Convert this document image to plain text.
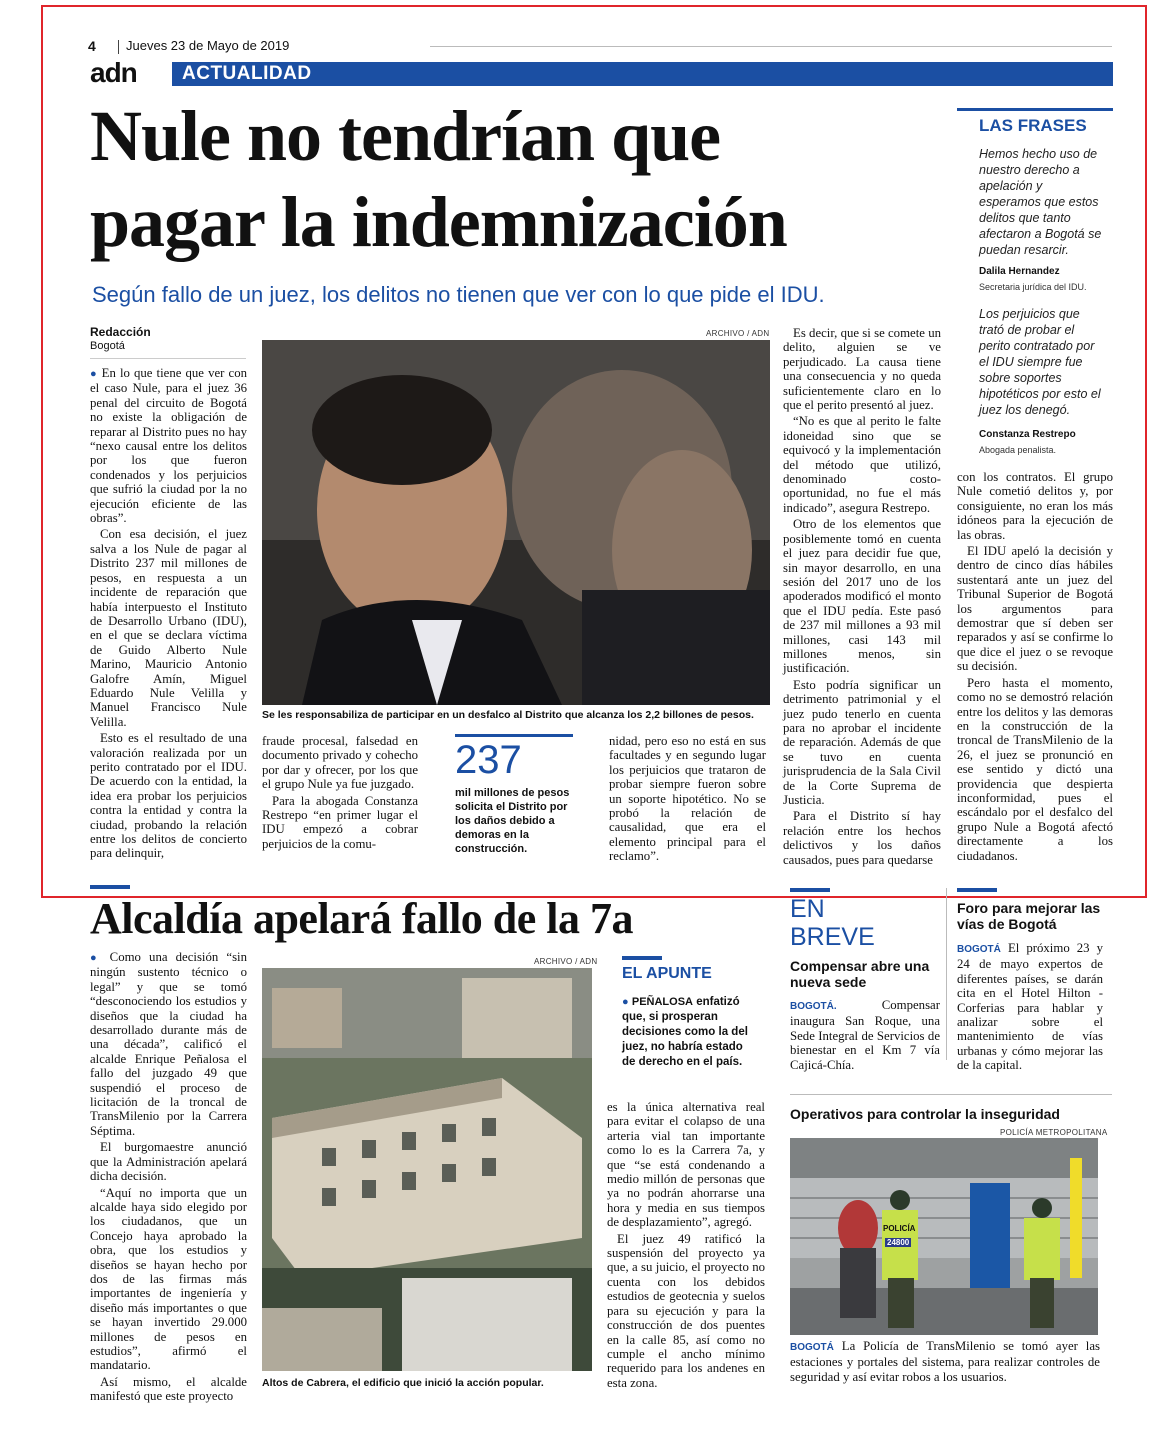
4 Jueves 23 de Mayo de 2019
adn ACTUALIDAD
Nule no tendrían que
pagar la indemnización
Según fallo de un juez, los delitos no tienen que ver con lo que pide el IDU.
Redacción
Bogotá

● En lo que tiene que ver con el caso Nule, para el juez 36 penal del circuito de Bogotá no existe la obligación de reparar al Distrito pues no hay “nexo causal entre los delitos por los que fueron condenados y los perjuicios que sufrió la ciudad por la no ejecución eficiente de las obras”.

Con esa decisión, el juez salva a los Nule de pagar al Distrito 237 mil millones de pesos, en respuesta a un incidente de reparación que había interpuesto el Instituto de Desarrollo Urbano (IDU), en el que se declara víctima de Guido Alberto Nule Marino, Mauricio Antonio Galofre Amín, Miguel Eduardo Nule Velilla y Manuel Francisco Nule Velilla.

Esto es el resultado de una valoración realizada por un perito contratado por el IDU. De acuerdo con la entidad, la idea era probar los perjuicios contra la entidad y contra la ciudad, probando la relación entre los delitos de concierto para delinquir,

ARCHIVO / ADN
Se les responsabiliza de participar en un desfalco al Distrito que alcanza los 2,2 billones de pesos.

fraude procesal, falsedad en documento privado y cohecho por dar y ofrecer, por los que el grupo Nule ya fue juzgado.

Para la abogada Constanza Restrepo “en primer lugar el IDU empezó a cobrar perjuicios de la comu-

237
mil millones de pesos solicita el Distrito por los daños debido a demoras en la construcción.

nidad, pero eso no está en sus facultades y en segundo lugar los perjuicios que trataron de probar siempre fueron sobre un soporte hipotético. No se probó la relación de causalidad, que era el elemento principal para el reclamo”.

Es decir, que si se comete un delito, alguien se ve perjudicado. La causa tiene una consecuencia y no queda suficientemente claro en lo que el perito presentó al juez.

“No es que al perito le falte idoneidad sino que se equivocó y la implementación del método que utilizó, denominado costo-oportunidad, no fue el más indicado”, asegura Restrepo.

Otro de los elementos que posiblemente tomó en cuenta el juez para decidir fue que, sin mayor desarrollo, en una sesión del 2017 uno de los apoderados modificó el monto que el IDU pedía. Este pasó de 237 mil millones a 93 mil millones, casi 143 mil millones menos, sin justificación.

Esto podría significar un detrimento patrimonial y el juez pudo tenerlo en cuenta para no aprobar el incidente de reparación. Además de que se tuvo en cuenta jurisprudencia de la Sala Civil de la Corte Suprema de Justicia.

Para el Distrito sí hay relación entre los hechos delictivos y los daños causados, pues para quedarse

LAS FRASES
Hemos hecho uso de nuestro derecho a apelación y esperamos que estos delitos que tanto afectaron a Bogotá se puedan resarcir.
Dalila Hernandez
Secretaria jurídica del IDU.
Los perjuicios que trató de probar el perito contratado por el IDU siempre fue sobre soportes hipotéticos por esto el juez los denegó.
Constanza Restrepo
Abogada penalista.

con los contratos. El grupo Nule cometió delitos y, por consiguiente, no eran los más idóneos para la ejecución de las obras.

El IDU apeló la decisión y dentro de cinco días hábiles sustentará ante un juez del Tribunal Superior de Bogotá los argumentos para demostrar que sí deben ser reparados y así se confirme lo que dice el juez o se revoque su decisión.

Pero hasta el momento, como no se demostró relación entre los delitos y las demoras en la construcción de la troncal de TransMilenio de la 26, el juez se pronunció en ese sentido y dictó una providencia que despierta inconformidad, pues el escándalo por el desfalco del grupo Nule a Bogotá afectó directamente a los ciudadanos.

Alcaldía apelará fallo de la 7a

● Como una decisión “sin ningún sustento técnico o legal” y que se tomó “desconociendo los estudios y diseños que la ciudad ha desarrollado durante más de una década”, calificó el alcalde Enrique Peñalosa el fallo del juzgado 49 que suspendió el proceso de licitación de la troncal de TransMilenio por la Carrera Séptima.

El burgomaestre anunció que la Administración apelará dicha decisión.

“Aquí no importa que un alcalde haya sido elegido por los ciudadanos, que un Concejo haya aprobado la obra, que los estudios y diseños se hayan hecho por dos de las firmas más importantes de ingeniería y diseño más importantes o que se hayan invertido 29.000 millones de pesos en estudios”, afirmó el mandatario.

Así mismo, el alcalde manifestó que este proyecto

ARCHIVO / ADN
Altos de Cabrera, el edificio que inició la acción popular.
EL APUNTE
● PEÑALOSA enfatizó que, si prosperan decisiones como la del juez, no habría estado de derecho en el país.

es la única alternativa real para evitar el colapso de una arteria vial tan importante como lo es la Carrera 7a, y que “se está condenando a medio millón de personas que ya no podrán ahorrarse una hora y media en sus tiempos de desplazamiento”, agregó.

El juez 49 ratificó la suspensión del proyecto ya que, a su juicio, el proyecto no cuenta con los debidos estudios de geotecnia y suelos para su ejecución y para la construcción de dos puentes en la calle 85, así como no cumple el ancho mínimo requerido para los andenes en esta zona.

EN
BREVE
Compensar abre una nueva sede

BOGOTÁ.	Compensar inaugura San Roque, una Sede Integral de Servicios de bienestar en el Km 7 vía Cajicá-Chía.

Foro para mejorar las vías de Bogotá

BOGOTÁ El próximo 23 y 24 de mayo expertos de diferentes países, se darán cita en el Hotel Hilton - Corferias para hablar y analizar sobre el mantenimiento de vías urbanas y cómo mejorar las de la capital.

Operativos para controlar la inseguridad
POLICÍA METROPOLITANA
POLICÍA
24800

BOGOTÁ La Policía de TransMilenio se tomó ayer las estaciones y portales del sistema, para realizar controles de seguridad y así evitar robos a los usuarios.
